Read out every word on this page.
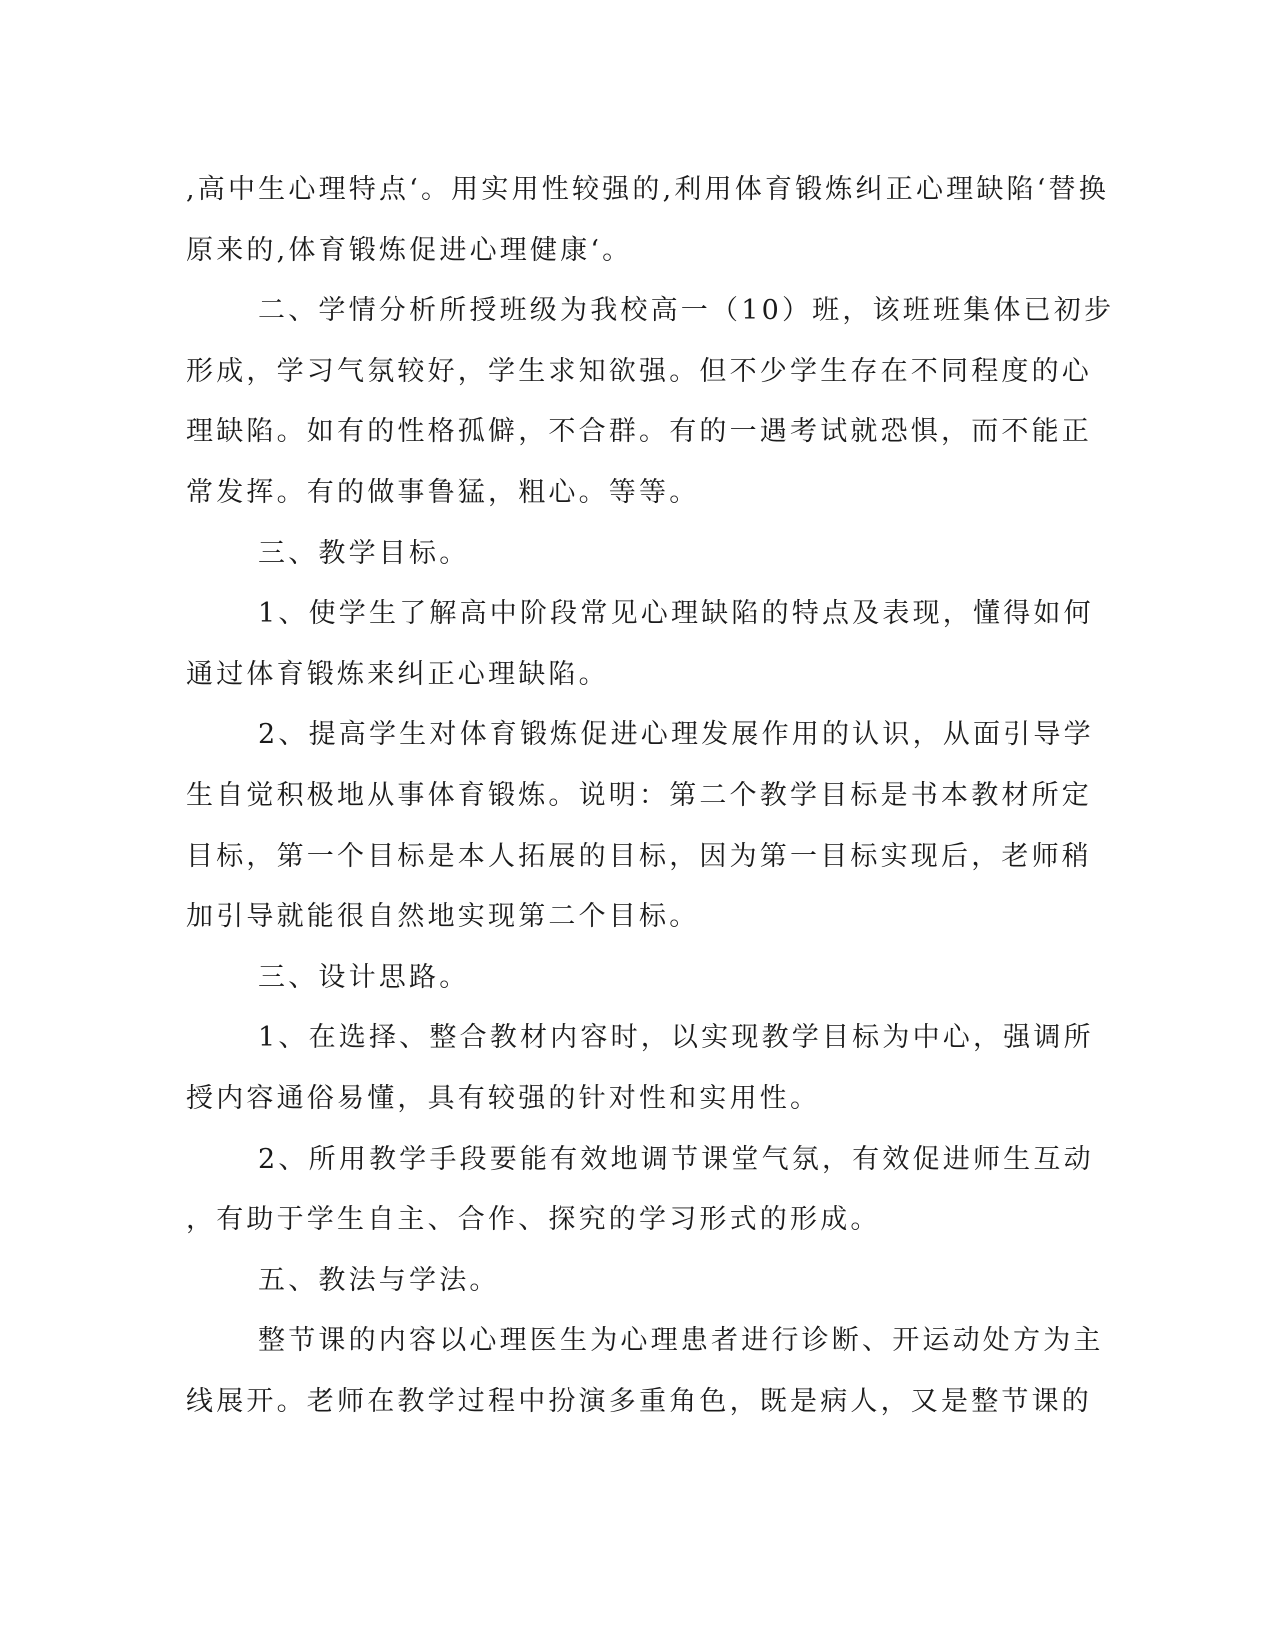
,高中生心理特点‘。用实用性较强的,利用体育锻炼纠正心理缺陷‘替换
原来的,体育锻炼促进心理健康‘。

二、学情分析所授班级为我校高一（10）班，该班班集体已初步
形成，学习气氛较好，学生求知欲强。但不少学生存在不同程度的心
理缺陷。如有的性格孤僻，不合群。有的一遇考试就恐惧，而不能正
常发挥。有的做事鲁猛，粗心。等等。

三、教学目标。

1、使学生了解高中阶段常见心理缺陷的特点及表现，懂得如何
通过体育锻炼来纠正心理缺陷。

2、提高学生对体育锻炼促进心理发展作用的认识，从面引导学
生自觉积极地从事体育锻炼。说明：第二个教学目标是书本教材所定
目标，第一个目标是本人拓展的目标，因为第一目标实现后，老师稍
加引导就能很自然地实现第二个目标。

三、设计思路。

1、在选择、整合教材内容时，以实现教学目标为中心，强调所
授内容通俗易懂，具有较强的针对性和实用性。

2、所用教学手段要能有效地调节课堂气氛，有效促进师生互动
，有助于学生自主、合作、探究的学习形式的形成。

五、教法与学法。

整节课的内容以心理医生为心理患者进行诊断、开运动处方为主
线展开。老师在教学过程中扮演多重角色，既是病人，又是整节课的
